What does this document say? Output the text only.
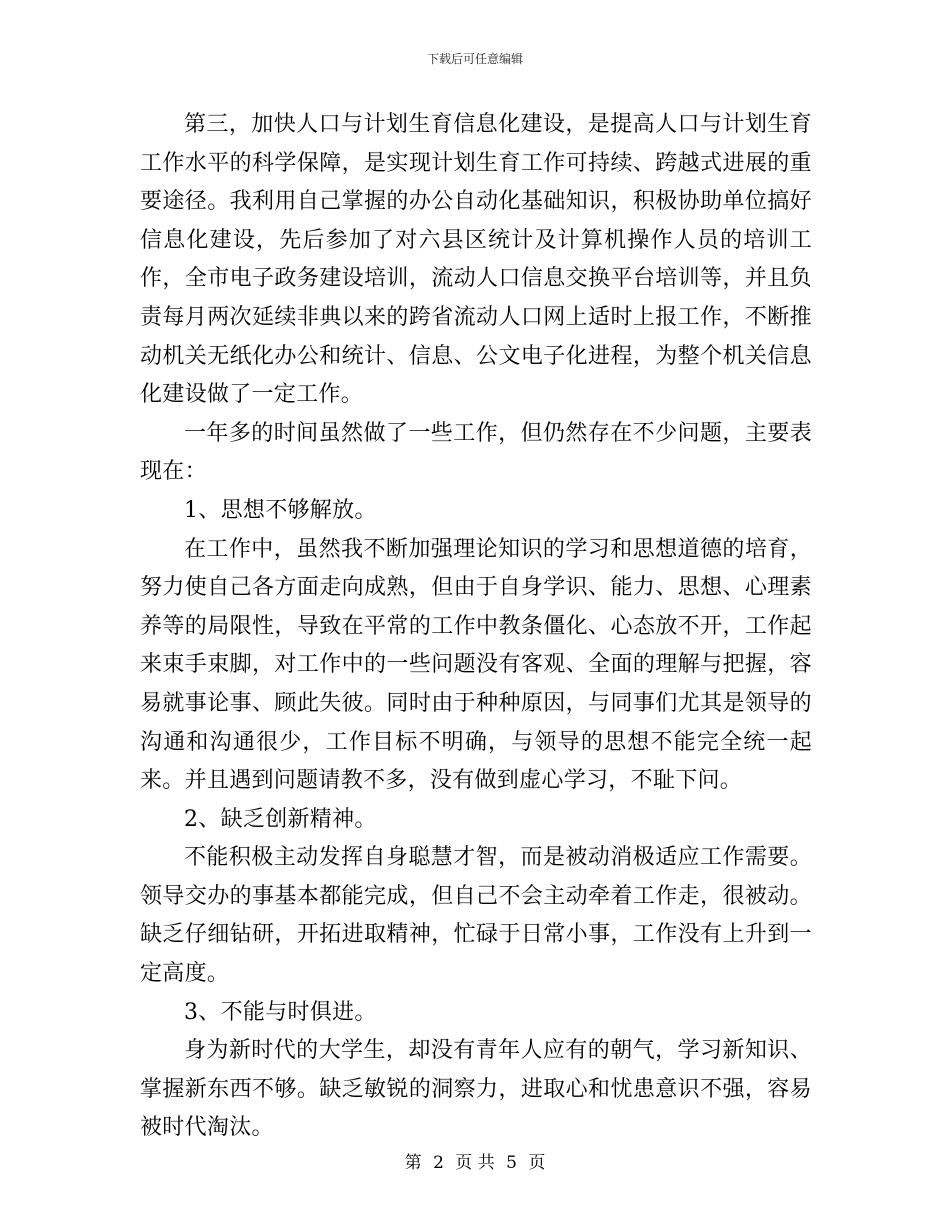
下载后可任意编辑

第三，加快人口与计划生育信息化建设，是提高人口与计划生育工作水平的科学保障，是实现计划生育工作可持续、跨越式进展的重要途径。我利用自己掌握的办公自动化基础知识，积极协助单位搞好信息化建设，先后参加了对六县区统计及计算机操作人员的培训工作，全市电子政务建设培训，流动人口信息交换平台培训等，并且负责每月两次延续非典以来的跨省流动人口网上适时上报工作，不断推动机关无纸化办公和统计、信息、公文电子化进程，为整个机关信息化建设做了一定工作。

一年多的时间虽然做了一些工作，但仍然存在不少问题，主要表现在：

1、思想不够解放。

在工作中，虽然我不断加强理论知识的学习和思想道德的培育，努力使自己各方面走向成熟，但由于自身学识、能力、思想、心理素养等的局限性，导致在平常的工作中教条僵化、心态放不开，工作起来束手束脚，对工作中的一些问题没有客观、全面的理解与把握，容易就事论事、顾此失彼。同时由于种种原因，与同事们尤其是领导的沟通和沟通很少，工作目标不明确，与领导的思想不能完全统一起来。并且遇到问题请教不多，没有做到虚心学习，不耻下问。

2、缺乏创新精神。

不能积极主动发挥自身聪慧才智，而是被动消极适应工作需要。领导交办的事基本都能完成，但自己不会主动牵着工作走，很被动。缺乏仔细钻研，开拓进取精神，忙碌于日常小事，工作没有上升到一定高度。

3、不能与时俱进。

身为新时代的大学生，却没有青年人应有的朝气，学习新知识、掌握新东西不够。缺乏敏锐的洞察力，进取心和忧患意识不强，容易被时代淘汰。

第 2 页 共 5 页
